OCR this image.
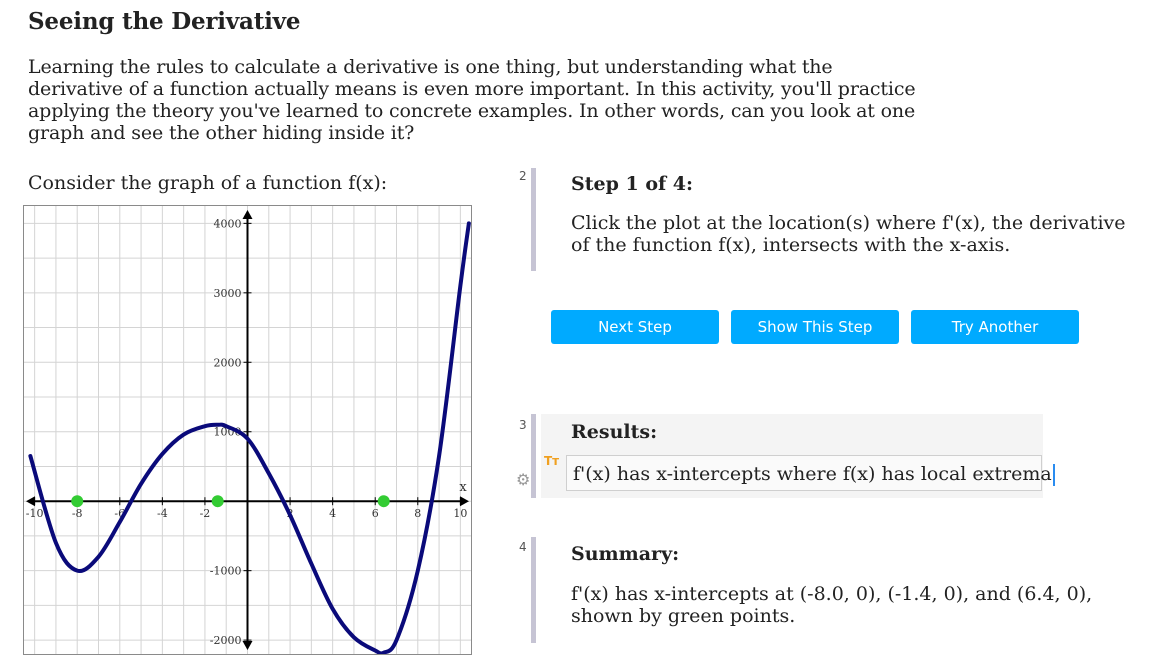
Seeing the Derivative
Learning the rules to calculate a derivative is one thing, but understanding what the derivative of a function actually means is even more important. In this activity, you'll practice applying the theory you've learned to concrete examples. In other words, can you look at one graph and see the other hiding inside it?
Consider the graph of a function f(x):
-10	-8	-6	-4	-2	2	4	6	8	10
4000
3000
2000
1000
-1000
-2000
x
2 Step 1 of 4:
Click the plot at the location(s) where f'(x), the derivative of the function f(x), intersects with the x-axis.
Next Step	Show This Step	Try Another
3 Results:
Tт
⚙	f'(x) has x-intercepts where f(x) has local extrema
4 Summary:
f'(x) has x-intercepts at (-8.0, 0), (-1.4, 0), and (6.4, 0), shown by green points.
